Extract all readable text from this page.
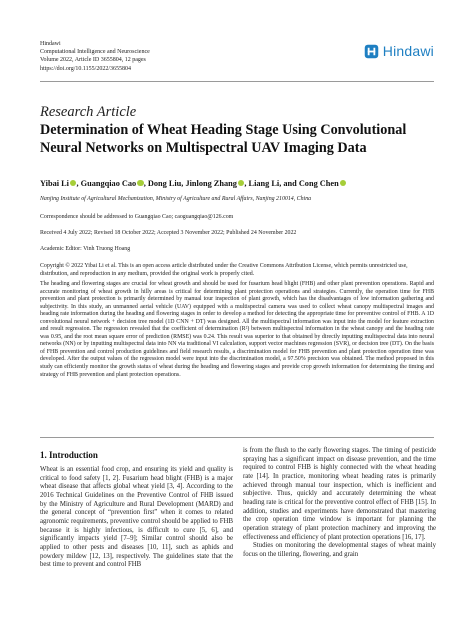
Hindawi
Computational Intelligence and Neuroscience
Volume 2022, Article ID 3655804, 12 pages
https://doi.org/10.1155/2022/3655804
Hindawi
Research Article
Determination of Wheat Heading Stage Using Convolutional Neural Networks on Multispectral UAV Imaging Data
Yibai Li , Guangqiao Cao , Dong Liu, Jinlong Zhang , Liang Li, and Cong Chen
Nanjing Institute of Agricultural Mechanization, Ministry of Agriculture and Rural Affairs, Nanjing 210014, China
Correspondence should be addressed to Guangqiao Cao; caoguangqiao@126.com
Received 4 July 2022; Revised 18 October 2022; Accepted 3 November 2022; Published 24 November 2022
Academic Editor: Vinh Truong Hoang
Copyright © 2022 Yibai Li et al. This is an open access article distributed under the Creative Commons Attribution License, which permits unrestricted use, distribution, and reproduction in any medium, provided the original work is properly cited.
The heading and flowering stages are crucial for wheat growth and should be used for fusarium head blight (FHB) and other plant prevention operations. Rapid and accurate monitoring of wheat growth in hilly areas is critical for determining plant protection operations and strategies. Currently, the operation time for FHB prevention and plant protection is primarily determined by manual tour inspection of plant growth, which has the disadvantages of low information gathering and subjectivity. In this study, an unmanned aerial vehicle (UAV) equipped with a multispectral camera was used to collect wheat canopy multispectral images and heading rate information during the heading and flowering stages in order to develop a method for detecting the appropriate time for preventive control of FHB. A 1D convolutional neural network + decision tree model (1D CNN + DT) was designed. All the multispectral information was input into the model for feature extraction and result regression. The regression revealed that the coefficient of determination (R²) between multispectral information in the wheat canopy and the heading rate was 0.95, and the root mean square error of prediction (RMSE) was 0.24. This result was superior to that obtained by directly inputting multispectral data into neural networks (NN) or by inputting multispectral data into NN via traditional VI calculation, support vector machines regression (SVR), or decision tree (DT). On the basis of FHB prevention and control production guidelines and field research results, a discrimination model for FHB prevention and plant protection operation time was developed. After the output values of the regression model were input into the discrimination model, a 97.50% precision was obtained. The method proposed in this study can efficiently monitor the growth status of wheat during the heading and flowering stages and provide crop growth information for determining the timing and strategy of FHB prevention and plant protection operations.
1. Introduction

Wheat is an essential food crop, and ensuring its yield and quality is critical to food safety [1, 2]. Fusarium head blight (FHB) is a major wheat disease that affects global wheat yield [3, 4]. According to the 2016 Technical Guidelines on the Preventive Control of FHB issued by the Ministry of Agriculture and Rural Development (MARD) and the general concept of “prevention first” when it comes to related agronomic requirements, preventive control should be applied to FHB because it is highly infectious, is difficult to cure [5, 6], and significantly impacts yield [7–9]; Similar control should also be applied to other pests and diseases [10, 11], such as aphids and powdery mildew [12, 13], respectively. The guidelines state that the best time to prevent and control FHB

is from the flush to the early flowering stages. The timing of pesticide spraying has a significant impact on disease prevention, and the time required to control FHB is highly connected with the wheat heading rate [14]. In practice, monitoring wheat heading rates is primarily achieved through manual tour inspection, which is inefficient and subjective. Thus, quickly and accurately determining the wheat heading rate is critical for the preventive control effect of FHB [15]. In addition, studies and experiments have demonstrated that mastering the crop operation time window is important for planning the operation strategy of plant protection machinery and improving the effectiveness and efficiency of plant protection operations [16, 17].

Studies on monitoring the developmental stages of wheat mainly focus on the tillering, flowering, and grain
